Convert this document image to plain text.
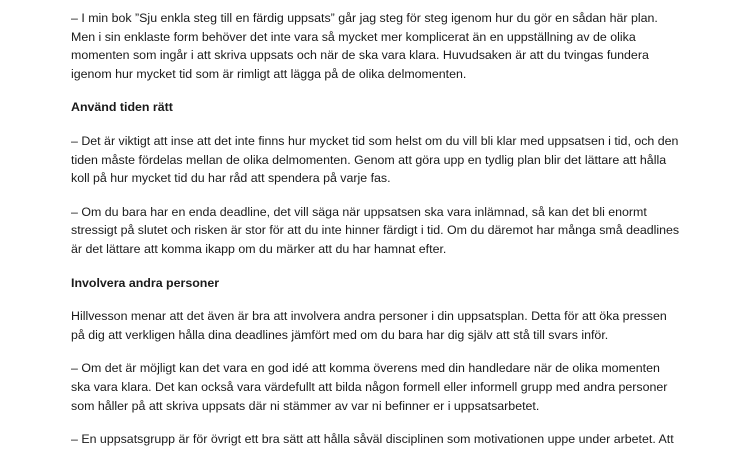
– I min bok ”Sju enkla steg till en färdig uppsats” går jag steg för steg igenom hur du gör en sådan här plan. Men i sin enklaste form behöver det inte vara så mycket mer komplicerat än en uppställning av de olika momenten som ingår i att skriva uppsats och när de ska vara klara. Huvudsaken är att du tvingas fundera igenom hur mycket tid som är rimligt att lägga på de olika delmomenten.

Använd tiden rätt

– Det är viktigt att inse att det inte finns hur mycket tid som helst om du vill bli klar med uppsatsen i tid, och den tiden måste fördelas mellan de olika delmomenten. Genom att göra upp en tydlig plan blir det lättare att hålla koll på hur mycket tid du har råd att spendera på varje fas.

– Om du bara har en enda deadline, det vill säga när uppsatsen ska vara inlämnad, så kan det bli enormt stressigt på slutet och risken är stor för att du inte hinner färdigt i tid. Om du däremot har många små deadlines är det lättare att komma ikapp om du märker att du har hamnat efter.

Involvera andra personer

Hillvesson menar att det även är bra att involvera andra personer i din uppsatsplan. Detta för att öka pressen på dig att verkligen hålla dina deadlines jämfört med om du bara har dig själv att stå till svars inför.

– Om det är möjligt kan det vara en god idé att komma överens med din handledare när de olika momenten ska vara klara. Det kan också vara värdefullt att bilda någon formell eller informell grupp med andra personer som håller på att skriva uppsats där ni stämmer av var ni befinner er i uppsatsarbetet.

– En uppsatsgrupp är för övrigt ett bra sätt att hålla såväl disciplinen som motivationen uppe under arbetet. Att
